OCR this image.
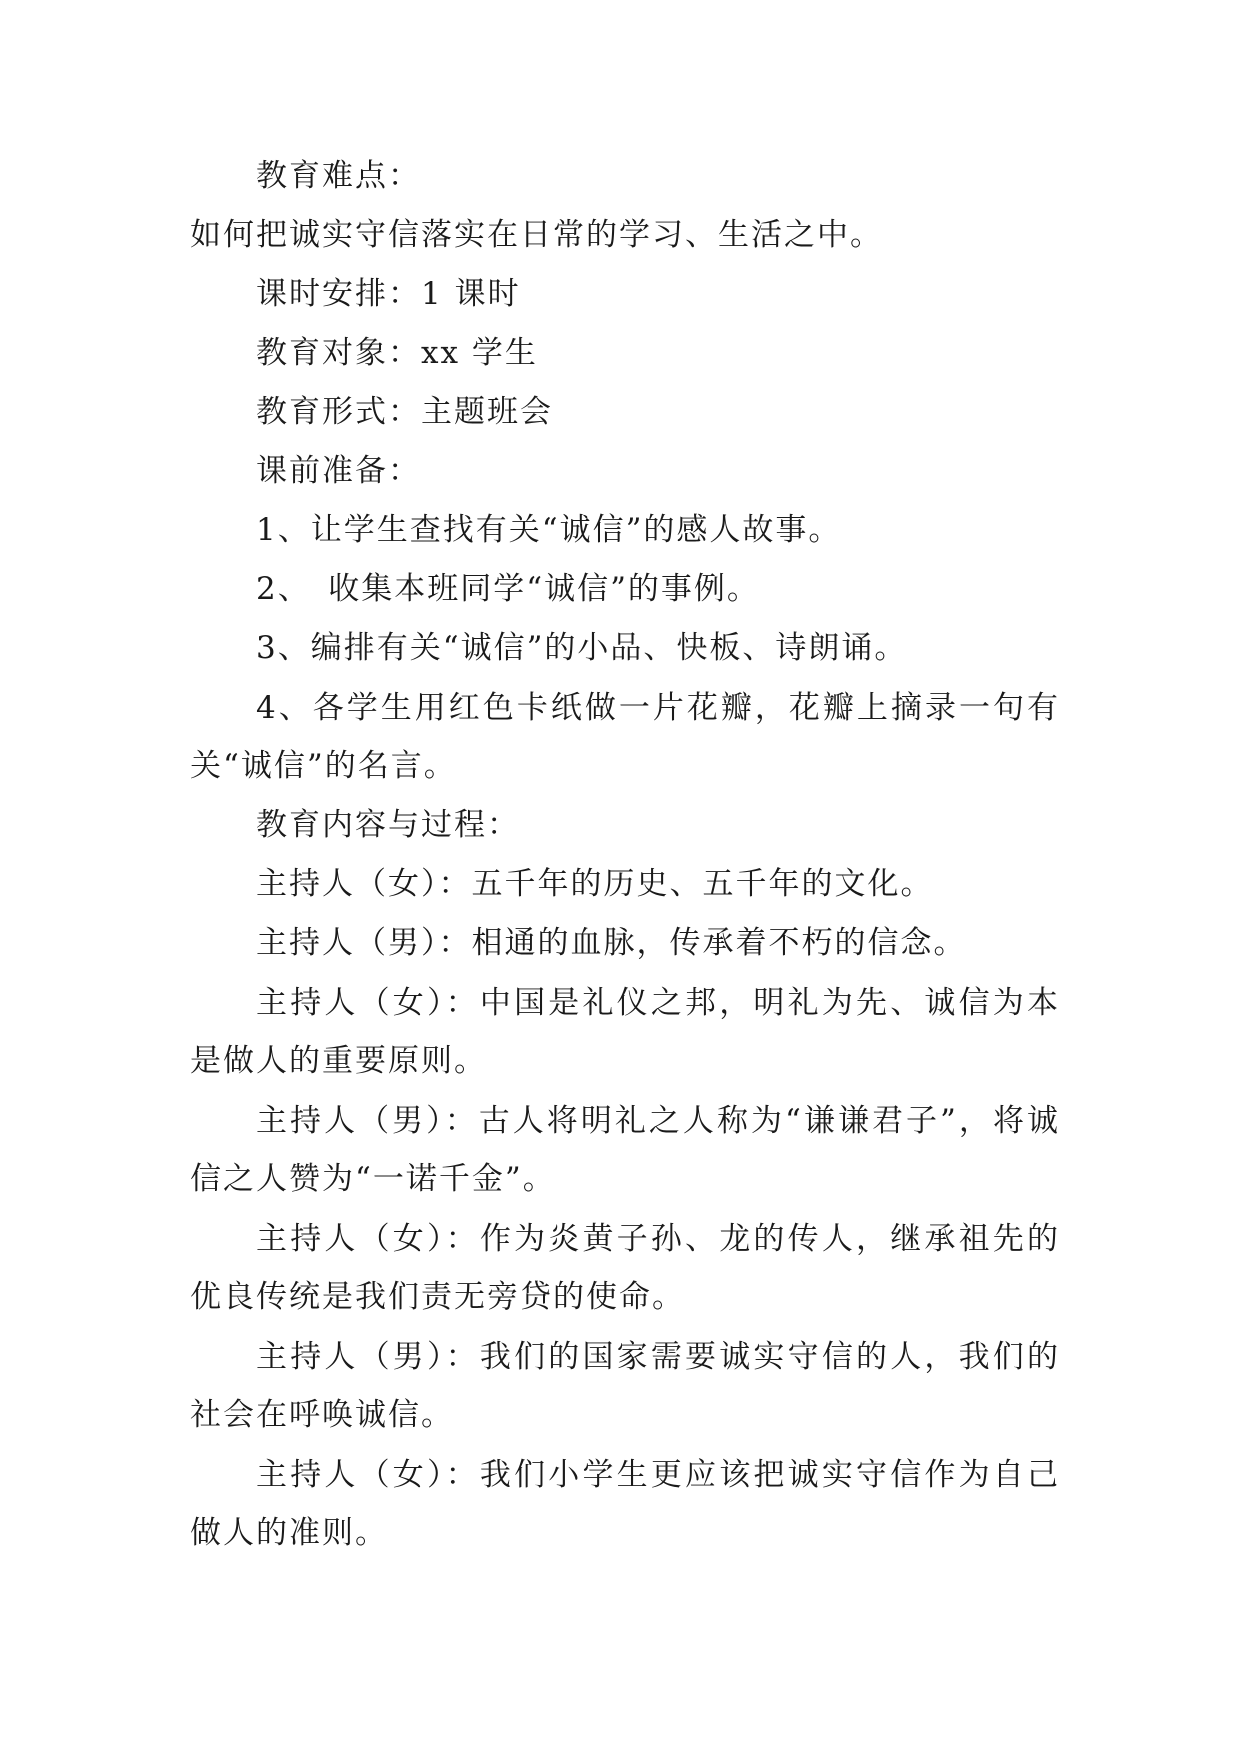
教育难点：

如何把诚实守信落实在日常的学习、生活之中。

课时安排：1 课时

教育对象：xx 学生

教育形式：主题班会

课前准备：

1、让学生查找有关“诚信”的感人故事。

2、　收集本班同学“诚信”的事例。

3、编排有关“诚信”的小品、快板、诗朗诵。

4、各学生用红色卡纸做一片花瓣，花瓣上摘录一句有关“诚信”的名言。

教育内容与过程：

主持人（女）：五千年的历史、五千年的文化。

主持人（男）：相通的血脉，传承着不朽的信念。

主持人（女）：中国是礼仪之邦，明礼为先、诚信为本是做人的重要原则。

主持人（男）：古人将明礼之人称为“谦谦君子”，将诚信之人赞为“一诺千金”。

主持人（女）：作为炎黄子孙、龙的传人，继承祖先的优良传统是我们责无旁贷的使命。

主持人（男）：我们的国家需要诚实守信的人，我们的社会在呼唤诚信。

主持人（女）：我们小学生更应该把诚实守信作为自己做人的准则。
